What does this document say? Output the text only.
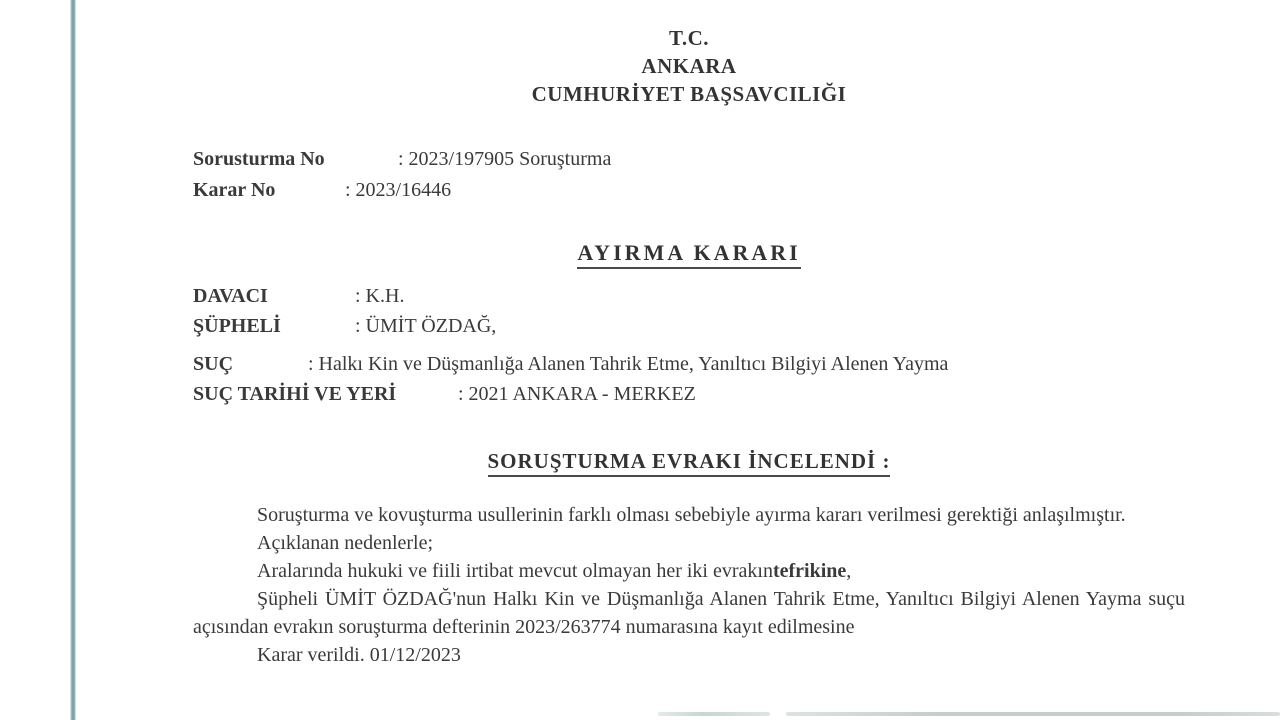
T.C.
ANKARA
CUMHURİYET BAŞSAVCILIĞI
Sorusturma No	: 2023/197905 Soruşturma
Karar No	: 2023/16446
AYIRMA KARARI
DAVACI	: K.H.
ŞÜPHELİ	: ÜMİT ÖZDAĞ,
SUÇ	: Halkı Kin ve Düşmanlığa Alanen Tahrik Etme, Yanıltıcı Bilgiyi Alenen Yayma
SUÇ TARİHİ VE YERİ	: 2021 ANKARA - MERKEZ
SORUŞTURMA EVRAKI İNCELENDİ :

Soruşturma ve kovuşturma usullerinin farklı olması sebebiyle ayırma kararı verilmesi gerektiği anlaşılmıştır.

Açıklanan nedenlerle;

Aralarında hukuki ve fiili irtibat mevcut olmayan her iki evrakıntefrikine,

Şüpheli ÜMİT ÖZDAĞ'nun Halkı Kin ve Düşmanlığa Alanen Tahrik Etme, Yanıltıcı Bilgiyi Alenen Yayma suçu açısından evrakın soruşturma defterinin 2023/263774 numarasına kayıt edilmesine

Karar verildi. 01/12/2023
